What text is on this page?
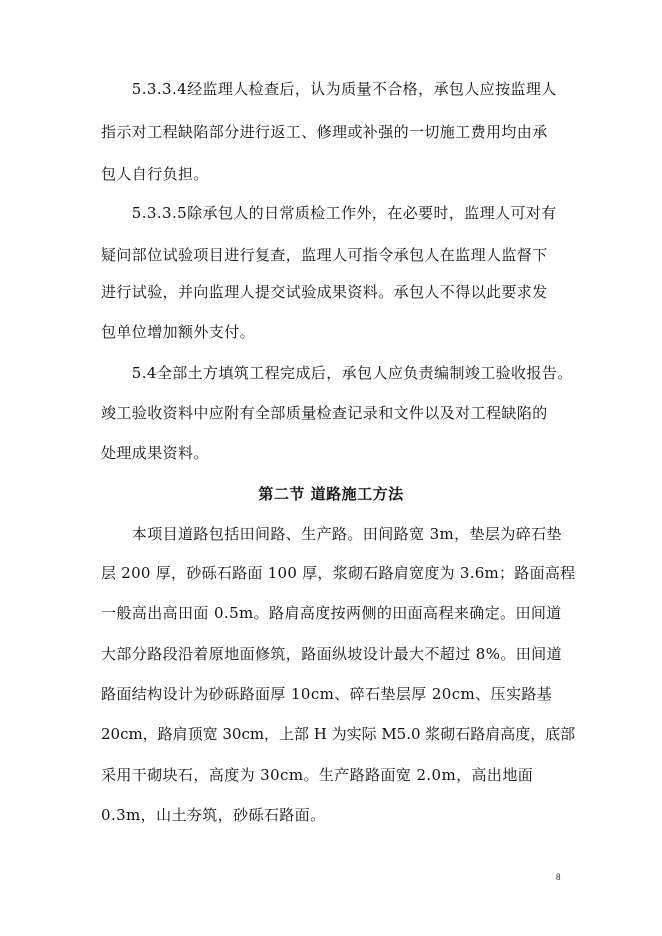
　　5.3.3.4经监理人检查后，认为质量不合格，承包人应按监理人
指示对工程缺陷部分进行返工、修理或补强的一切施工费用均由承
包人自行负担。
　　5.3.3.5除承包人的日常质检工作外，在必要时，监理人可对有
疑问部位试验项目进行复查，监理人可指令承包人在监理人监督下
进行试验，并向监理人提交试验成果资料。承包人不得以此要求发
包单位增加额外支付。
　　5.4全部土方填筑工程完成后，承包人应负责编制竣工验收报告。
竣工验收资料中应附有全部质量检查记录和文件以及对工程缺陷的
处理成果资料。
第二节 道路施工方法
　　本项目道路包括田间路、生产路。田间路宽 3m，垫层为碎石垫
层 200 厚，砂砾石路面 100 厚，浆砌石路肩宽度为 3.6m；路面高程
一般高出高田面 0.5m。路肩高度按两侧的田面高程来确定。田间道
大部分路段沿着原地面修筑，路面纵坡设计最大不超过 8%。田间道
路面结构设计为砂砾路面厚 10cm、碎石垫层厚 20cm、压实路基
20cm，路肩顶宽 30cm，上部 H 为实际 M5.0 浆砌石路肩高度，底部
采用干砌块石，高度为 30cm。生产路路面宽 2.0m，高出地面
0.3m，山土夯筑，砂砾石路面。
8
